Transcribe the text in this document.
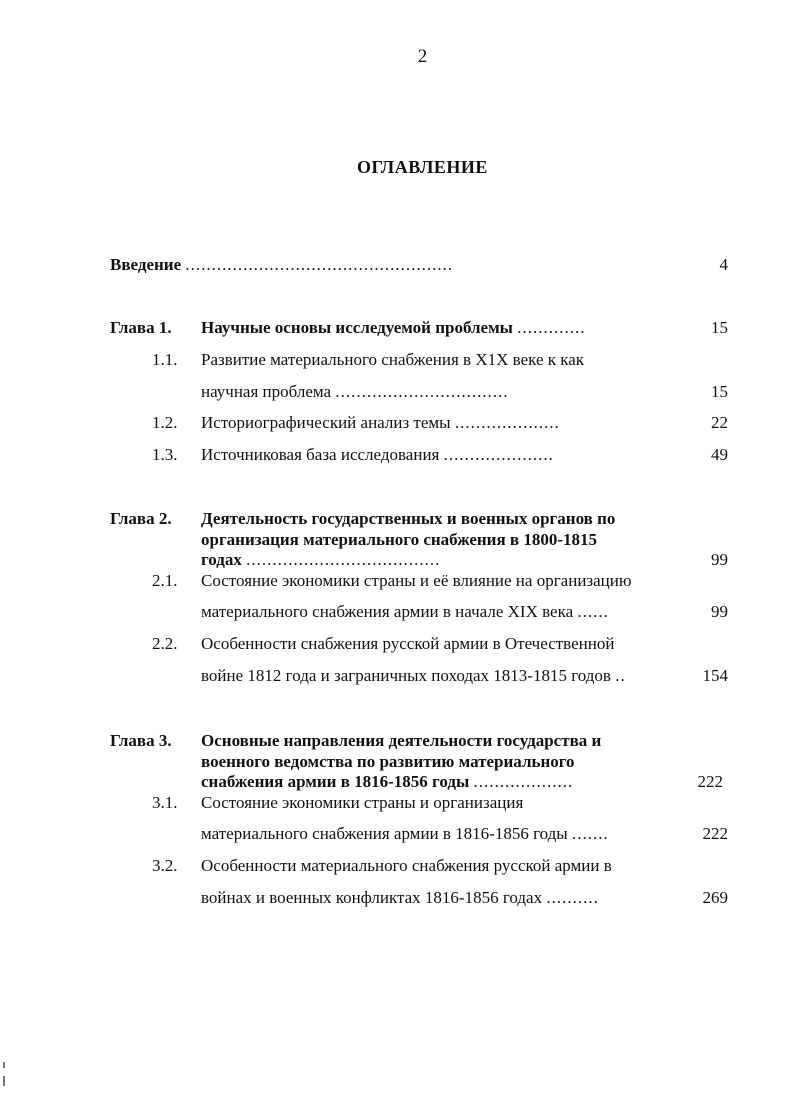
2
ОГЛАВЛЕНИЕ
Введение ...................................................	4
Глава 1. Научные основы исследуемой проблемы .............	15
1.1. Развитие материального снабжения в X1X веке к как
научная проблема .................................	15
1.2. Историографический анализ темы ....................	22
1.3. Источниковая база исследования .....................	49
Глава 2. Деятельность государственных и военных органов по
организация материального снабжения в 1800-1815
годах .....................................	99
2.1. Состояние экономики страны и её влияние на организацию
материального снабжения армии в начале XIX века ......	99
2.2. Особенности снабжения русской армии в Отечественной
войне 1812 года и заграничных походах 1813-1815 годов ..	154
Глава 3. Основные направления деятельности государства и
военного ведомства по развитию материального
снабжения армии в 1816-1856 годы ...................	222
3.1. Состояние экономики страны и организация
материального снабжения армии в 1816-1856 годы .......	222
3.2. Особенности материального снабжения русской армии в
войнах и военных конфликтах 1816-1856 годах ..........	269
